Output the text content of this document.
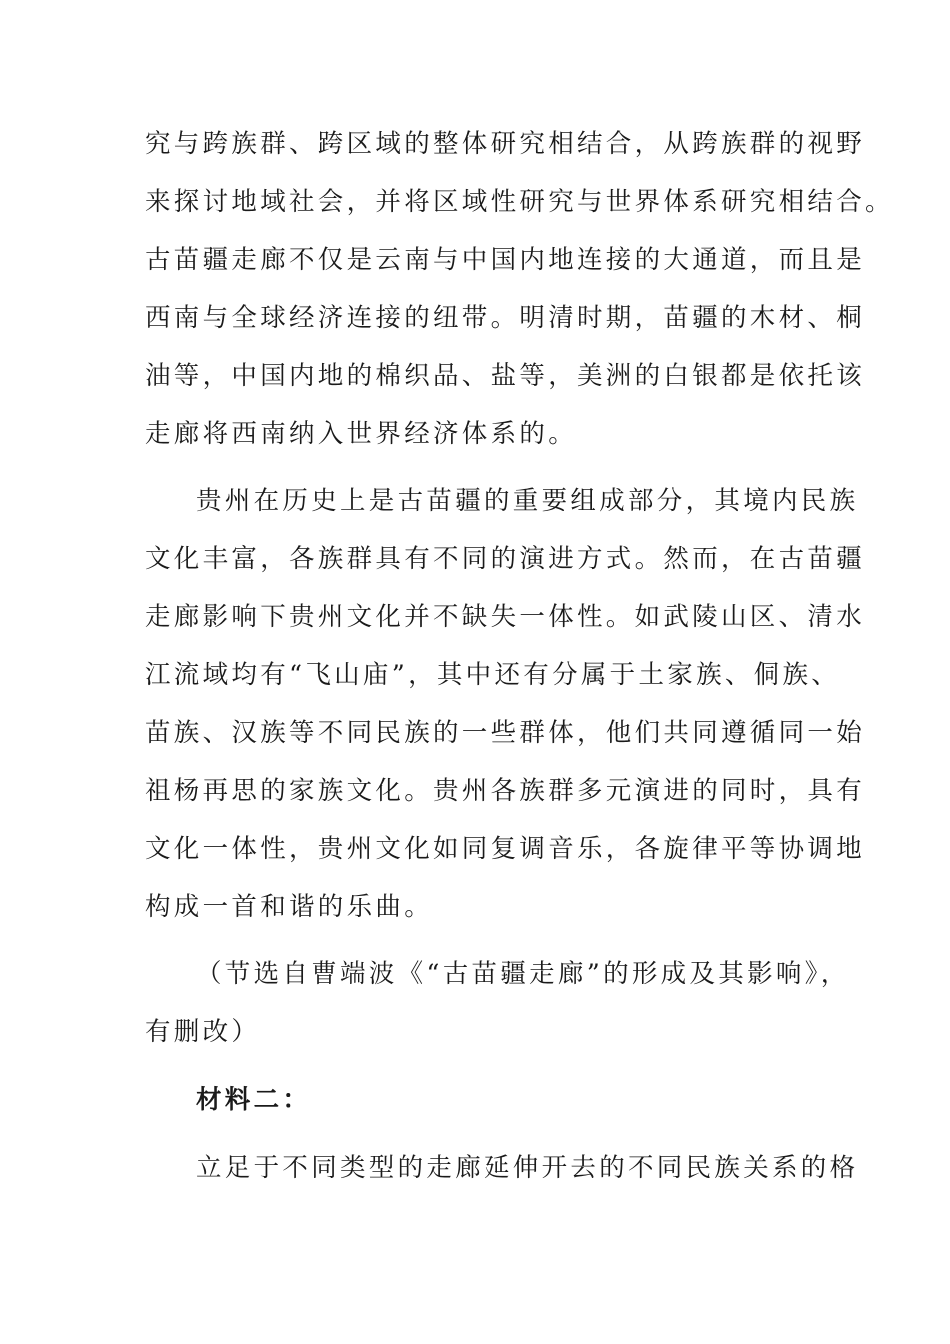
究与跨族群、跨区域的整体研究相结合，从跨族群的视野
来探讨地域社会，并将区域性研究与世界体系研究相结合。
古苗疆走廊不仅是云南与中国内地连接的大通道，而且是
西南与全球经济连接的纽带。明清时期，苗疆的木材、桐
油等，中国内地的棉织品、盐等，美洲的白银都是依托该
走廊将西南纳入世界经济体系的。
贵州在历史上是古苗疆的重要组成部分，其境内民族
文化丰富，各族群具有不同的演进方式。然而，在古苗疆
走廊影响下贵州文化并不缺失一体性。如武陵山区、清水
江流域均有“飞山庙”，其中还有分属于土家族、侗族、
苗族、汉族等不同民族的一些群体，他们共同遵循同一始
祖杨再思的家族文化。贵州各族群多元演进的同时，具有
文化一体性，贵州文化如同复调音乐，各旋律平等协调地
构成一首和谐的乐曲。
（节选自曹端波《“古苗疆走廊”的形成及其影响》，
有删改）
材料二：
立足于不同类型的走廊延伸开去的不同民族关系的格
